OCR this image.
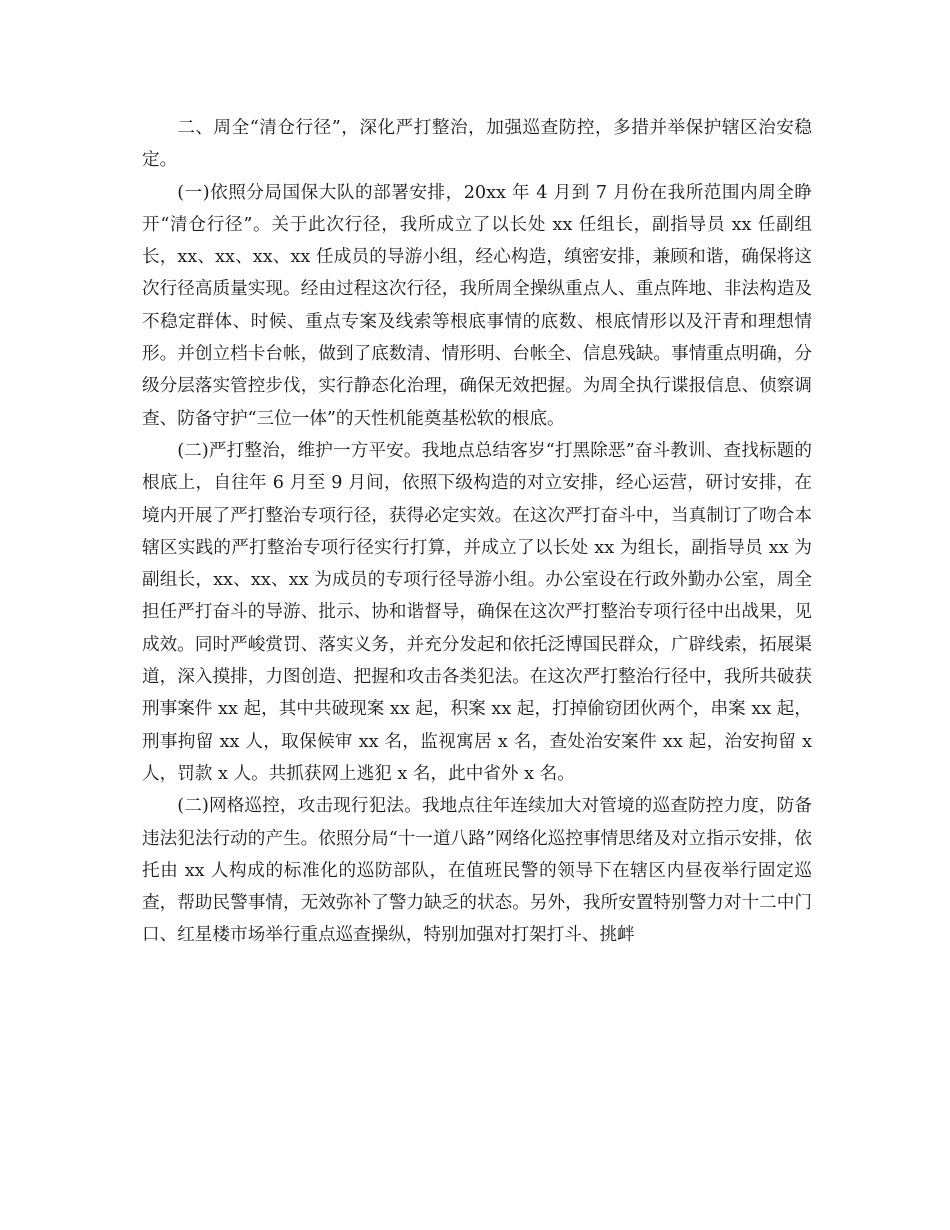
二、周全“清仓行径”，深化严打整治，加强巡查防控，多措并举保护辖区治安稳定。

(一)依照分局国保大队的部署安排，20xx 年 4 月到 7 月份在我所范围内周全睁开“清仓行径”。关于此次行径，我所成立了以长处 xx 任组长，副指导员 xx 任副组长，xx、xx、xx、xx 任成员的导游小组，经心构造，缜密安排，兼顾和谐，确保将这次行径高质量实现。经由过程这次行径，我所周全操纵重点人、重点阵地、非法构造及不稳定群体、时候、重点专案及线索等根底事情的底数、根底情形以及汗青和理想情形。并创立档卡台帐，做到了底数清、情形明、台帐全、信息残缺。事情重点明确，分级分层落实管控步伐，实行静态化治理，确保无效把握。为周全执行谍报信息、侦察调查、防备守护“三位一体”的天性机能奠基松软的根底。

(二)严打整治，维护一方平安。我地点总结客岁“打黑除恶”奋斗教训、查找标题的根底上，自往年 6 月至 9 月间，依照下级构造的对立安排，经心运营，研讨安排，在境内开展了严打整治专项行径，获得必定实效。在这次严打奋斗中，当真制订了吻合本辖区实践的严打整治专项行径实行打算，并成立了以长处 xx 为组长，副指导员 xx 为副组长，xx、xx、xx 为成员的专项行径导游小组。办公室设在行政外勤办公室，周全担任严打奋斗的导游、批示、协和谐督导，确保在这次严打整治专项行径中出战果，见成效。同时严峻赏罚、落实义务，并充分发起和依托泛博国民群众，广辟线索，拓展渠道，深入摸排，力图创造、把握和攻击各类犯法。在这次严打整治行径中，我所共破获刑事案件 xx 起，其中共破现案 xx 起，积案 xx 起，打掉偷窃团伙两个，串案 xx 起，刑事拘留 xx 人，取保候审 xx 名，监视寓居 x 名，查处治安案件 xx 起，治安拘留 x 人，罚款 x 人。共抓获网上逃犯 x 名，此中省外 x 名。

(二)网格巡控，攻击现行犯法。我地点往年连续加大对管境的巡查防控力度，防备违法犯法行动的产生。依照分局“十一道八路”网络化巡控事情思绪及对立指示安排，依托由 xx 人构成的标准化的巡防部队，在值班民警的领导下在辖区内昼夜举行固定巡查，帮助民警事情，无效弥补了警力缺乏的状态。另外，我所安置特别警力对十二中门口、红星楼市场举行重点巡查操纵，特别加强对打架打斗、挑衅
